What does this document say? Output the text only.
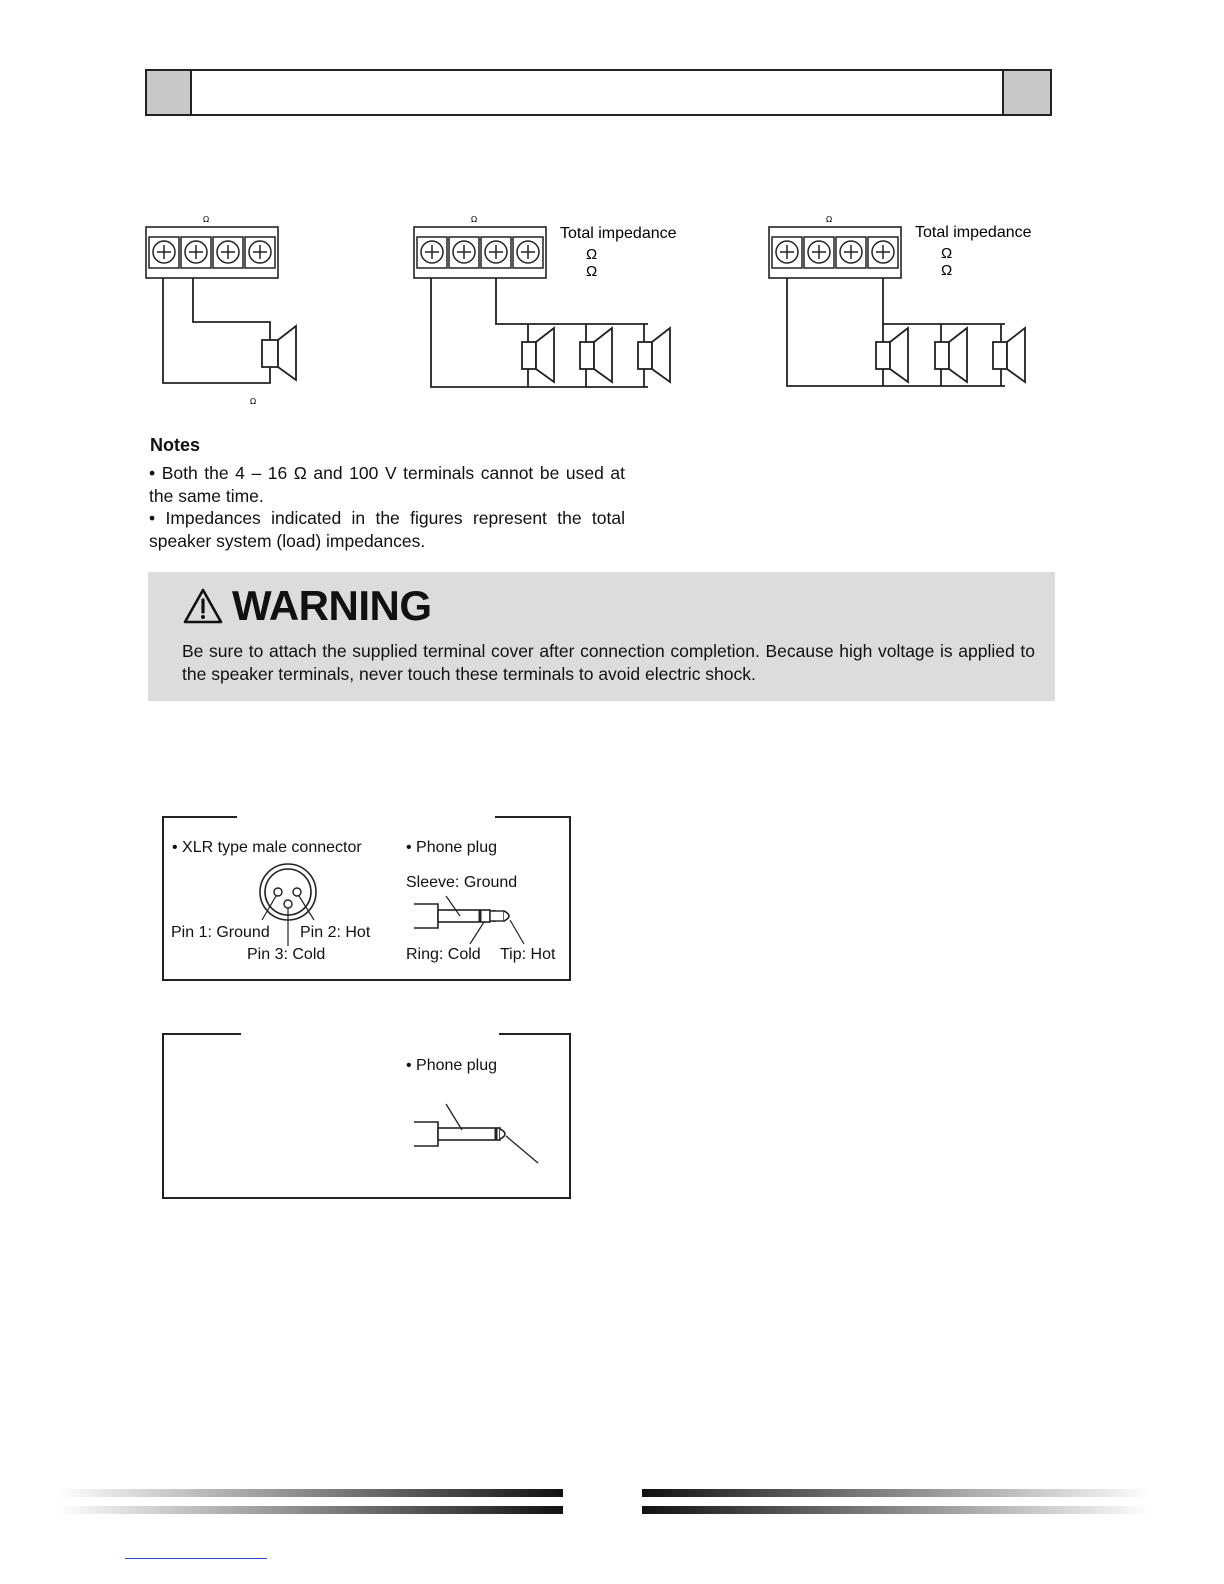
Ω
Ω
Ω
Total impedance
Ω
Ω
Ω
Total impedance
Ω
Ω
Notes
• Both the 4 – 16 Ω and 100 V terminals cannot be used at the same time.
• Impedances indicated in the figures represent the total speaker system (load) impedances.
WARNING
Be sure to attach the supplied terminal cover after connection completion. Because high voltage is applied to the speaker terminals, never touch these terminals to avoid electric shock.
• XLR type male connector	• Phone plug
Pin 1: Ground Pin 2: Hot
Pin 3: Cold
Sleeve: Ground
Ring: Cold Tip: Hot
• Phone plug
